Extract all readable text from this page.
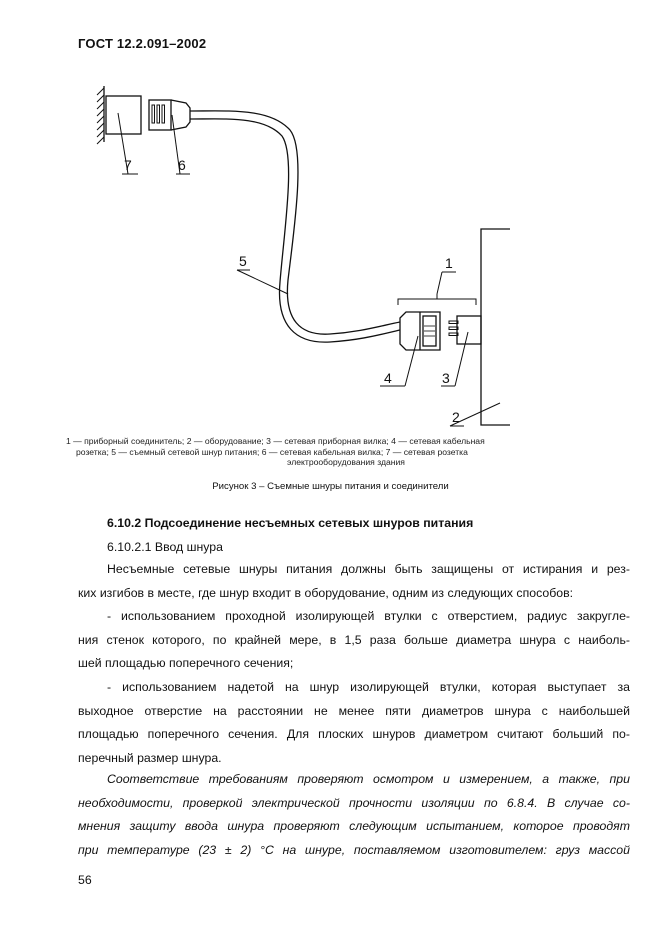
ГОСТ 12.2.091–2002
7	6
5	1
4	3
2
1 — приборный соединитель; 2 — оборудование; 3 — сетевая приборная вилка; 4 — сетевая кабельная
розетка; 5 — съемный сетевой шнур питания; 6 — сетевая кабельная вилка; 7 — сетевая розетка
электрооборудования здания
Рисунок 3 – Съемные шнуры питания и соединители
6.10.2 Подсоединение несъемных сетевых шнуров питания
6.10.2.1 Ввод шнура
Несъемные сетевые шнуры питания должны быть защищены от истирания и рез-
ких изгибов в месте, где шнур входит в оборудование, одним из следующих способов:
- использованием проходной изолирующей втулки с отверстием, радиус закругле-
ния стенок которого, по крайней мере, в 1,5 раза больше диаметра шнура с наиболь-
шей площадью поперечного сечения;
- использованием надетой на шнур изолирующей втулки, которая выступает за
выходное отверстие на расстоянии не менее пяти диаметров шнура с наибольшей
площадью поперечного сечения. Для плоских шнуров диаметром считают больший по-
перечный размер шнура.
Соответствие требованиям проверяют осмотром и измерением, а также, при
необходимости, проверкой электрической прочности изоляции по 6.8.4. В случае со-
мнения защиту ввода шнура проверяют следующим испытанием, которое проводят
при температуре (23 ± 2) °С на шнуре, поставляемом изготовителем: груз массой
56
